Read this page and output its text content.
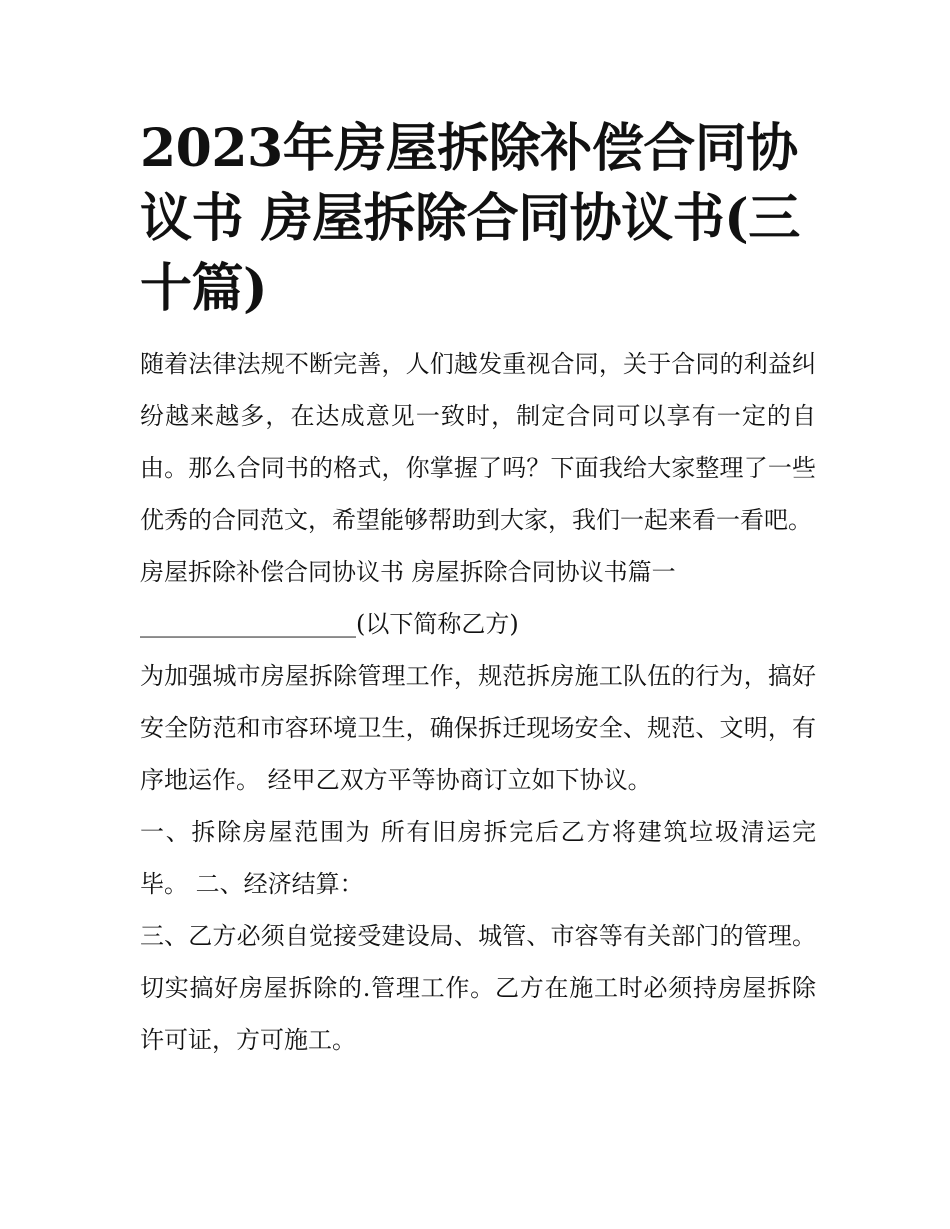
2023年房屋拆除补偿合同协议书 房屋拆除合同协议书(三十篇)

随着法律法规不断完善，人们越发重视合同，关于合同的利益纠纷越来越多，在达成意见一致时，制定合同可以享有一定的自由。那么合同书的格式，你掌握了吗？下面我给大家整理了一些优秀的合同范文，希望能够帮助到大家，我们一起来看一看吧。

房屋拆除补偿合同协议书 房屋拆除合同协议书篇一

__________________(以下简称乙方)

为加强城市房屋拆除管理工作，规范拆房施工队伍的行为，搞好安全防范和市容环境卫生，确保拆迁现场安全、规范、文明，有序地运作。 经甲乙双方平等协商订立如下协议。

一、拆除房屋范围为 所有旧房拆完后乙方将建筑垃圾清运完毕。 二、经济结算：

三、乙方必须自觉接受建设局、城管、市容等有关部门的管理。切实搞好房屋拆除的.管理工作。乙方在施工时必须持房屋拆除许可证，方可施工。
